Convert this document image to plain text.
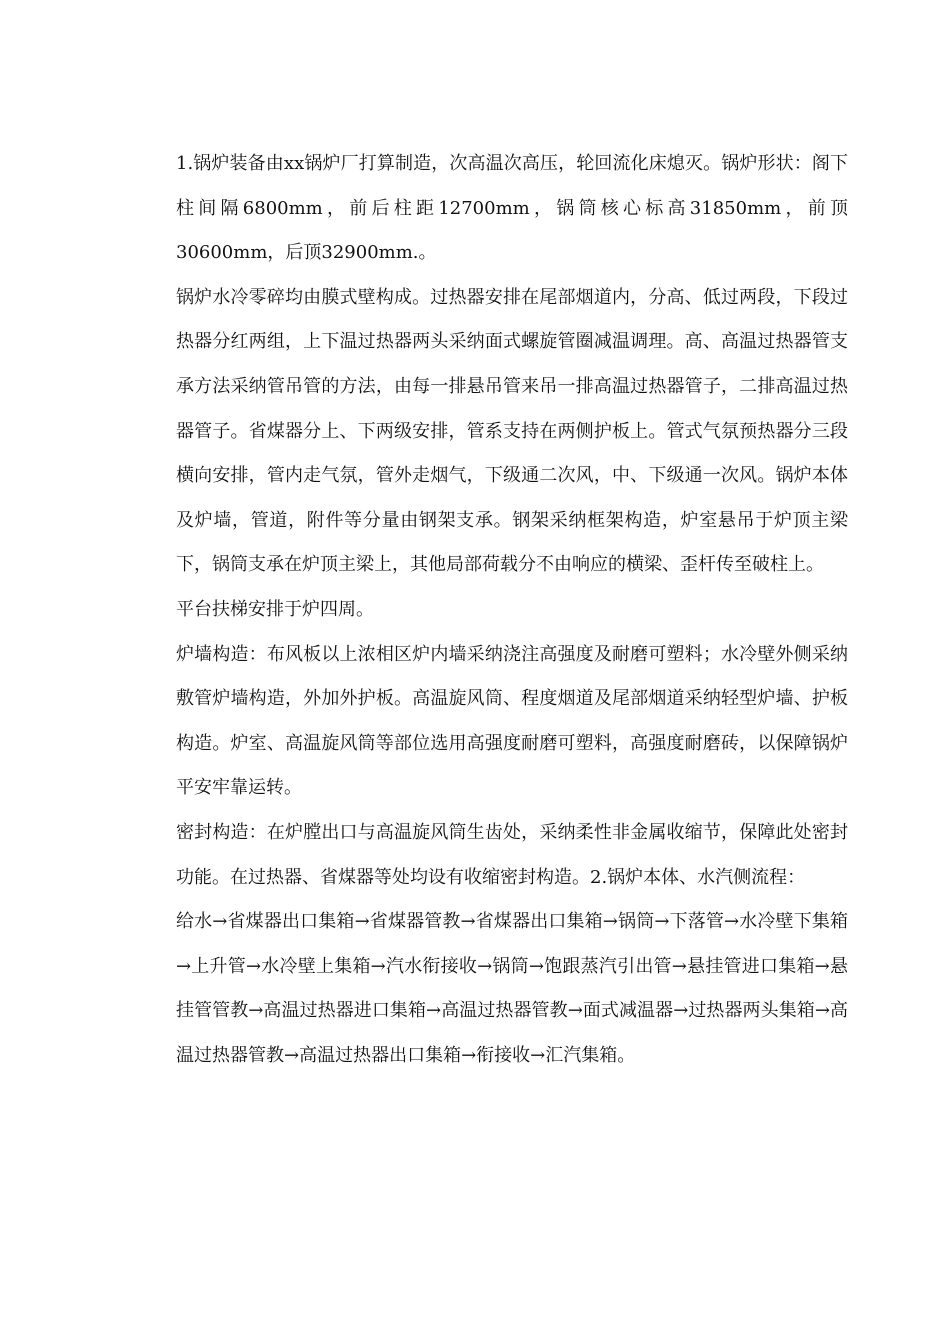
1.锅炉装备由xx锅炉厂打算制造，次高温次高压，轮回流化床熄灭。锅炉形状：阁下柱间隔6800mm，前后柱距12700mm，锅筒核心标高31850mm，前顶30600mm，后顶32900mm.。

锅炉水冷零碎均由膜式壁构成。过热器安排在尾部烟道内，分高、低过两段，下段过热器分红两组，上下温过热器两头采纳面式螺旋管圈减温调理。高、高温过热器管支承方法采纳管吊管的方法，由每一排悬吊管来吊一排高温过热器管子，二排高温过热器管子。省煤器分上、下两级安排，管系支持在两侧护板上。管式气氛预热器分三段横向安排，管内走气氛，管外走烟气，下级通二次风，中、下级通一次风。锅炉本体及炉墙，管道，附件等分量由钢架支承。钢架采纳框架构造，炉室悬吊于炉顶主梁下，锅筒支承在炉顶主梁上，其他局部荷载分不由响应的横梁、歪杆传至破柱上。

平台扶梯安排于炉四周。

炉墙构造：布风板以上浓相区炉内墙采纳浇注高强度及耐磨可塑料；水冷壁外侧采纳敷管炉墙构造，外加外护板。高温旋风筒、程度烟道及尾部烟道采纳轻型炉墙、护板构造。炉室、高温旋风筒等部位选用高强度耐磨可塑料，高强度耐磨砖，以保障锅炉平安牢靠运转。

密封构造：在炉膛出口与高温旋风筒生齿处，采纳柔性非金属收缩节，保障此处密封功能。在过热器、省煤器等处均设有收缩密封构造。2.锅炉本体、水汽侧流程：

给水→省煤器出口集箱→省煤器管教→省煤器出口集箱→锅筒→下落管→水冷壁下集箱→上升管→水冷壁上集箱→汽水衔接收→锅筒→饱跟蒸汽引出管→悬挂管进口集箱→悬挂管管教→高温过热器进口集箱→高温过热器管教→面式减温器→过热器两头集箱→高温过热器管教→高温过热器出口集箱→衔接收→汇汽集箱。
